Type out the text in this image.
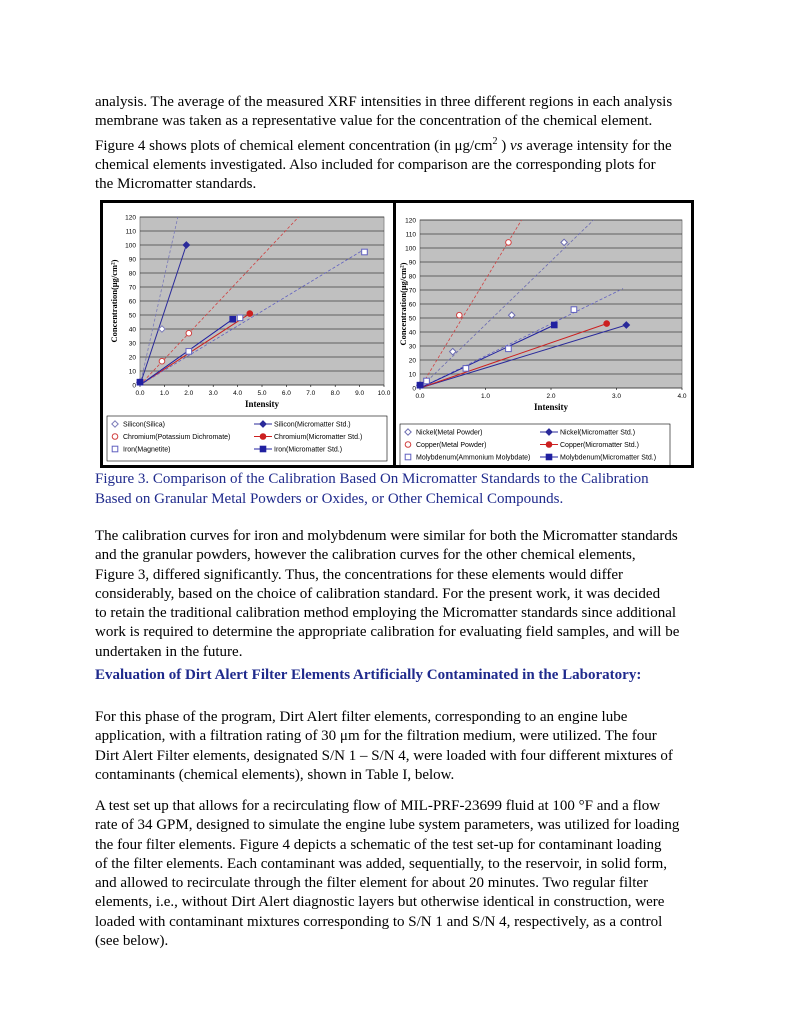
analysis. The average of the measured XRF intensities in three different regions in each analysis
membrane was taken as a representative value for the concentration of the chemical element.
Figure 4 shows plots of chemical element concentration (in $\mu g/cm^2$ ) vs average intensity for the
chemical elements investigated. Also included for comparison are the corresponding plots for
the Micromatter standards.
0
10
20
30
40
50
60
70
80
90
100
110
120
0.0 1.0 2.0 3.0 4.0 5.0 6.0 7.0 8.0 9.0 10.0
Intensity
Concentration(μg/cm²)
Silicon(Silica)	Silicon(Micromatter Std.)
Chromium(Potassium Dichromate)	Chromium(Micromatter Std.)
Iron(Magnetite)	Iron(Micromatter Std.)
0
10
20
30
40
50
60
70
80
90
100
110
120
0.0	1.0	2.0	3.0	4.0
Intensity
Concentration(μg/cm²)
Nickel(Metal Powder)	Nickel(Micromatter Std.)
Copper(Metal Powder)	Copper(Micromatter Std.)
Molybdenum(Ammonium Molybdate)	Molybdenum(Micromatter Std.)
Figure 3. Comparison of the Calibration Based On Micromatter Standards to the Calibration
Based on Granular Metal Powders or Oxides, or Other Chemical Compounds.
The calibration curves for iron and molybdenum were similar for both the Micromatter standards
and the granular powders, however the calibration curves for the other chemical elements,
Figure 3, differed significantly. Thus, the concentrations for these elements would differ
considerably, based on the choice of calibration standard. For the present work, it was decided
to retain the traditional calibration method employing the Micromatter standards since additional
work is required to determine the appropriate calibration for evaluating field samples, and will be
undertaken in the future.
Evaluation of Dirt Alert Filter Elements Artificially Contaminated in the Laboratory:
For this phase of the program, Dirt Alert filter elements, corresponding to an engine lube
application, with a filtration rating of 30 μm for the filtration medium, were utilized. The four
Dirt Alert Filter elements, designated S/N 1 – S/N 4, were loaded with four different mixtures of
contaminants (chemical elements), shown in Table I, below.
A test set up that allows for a recirculating flow of MIL-PRF-23699 fluid at 100 °F and a flow
rate of 34 GPM, designed to simulate the engine lube system parameters, was utilized for loading
the four filter elements. Figure 4 depicts a schematic of the test set-up for contaminant loading
of the filter elements. Each contaminant was added, sequentially, to the reservoir, in solid form,
and allowed to recirculate through the filter element for about 20 minutes. Two regular filter
elements, i.e., without Dirt Alert diagnostic layers but otherwise identical in construction, were
loaded with contaminant mixtures corresponding to S/N 1 and S/N 4, respectively, as a control
(see below).
